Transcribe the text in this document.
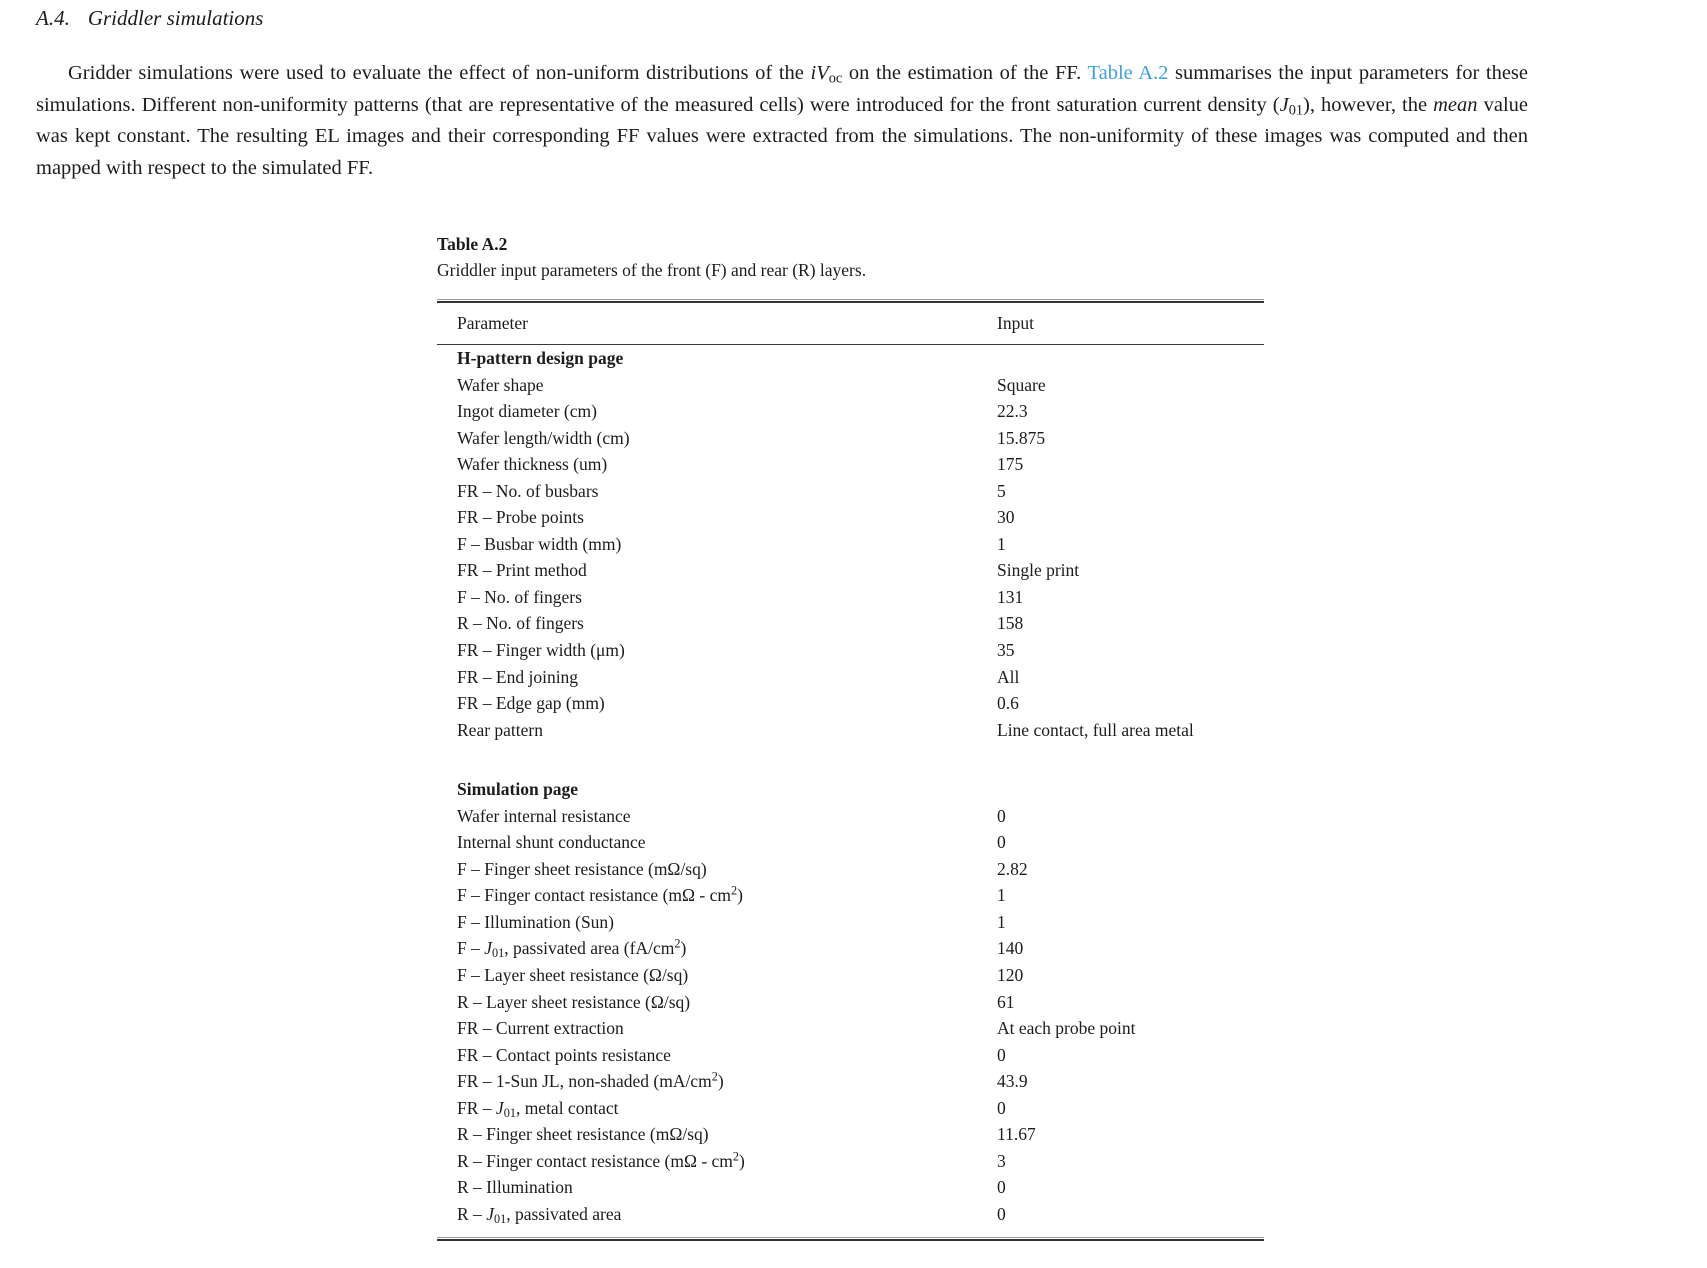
A.4. Griddler simulations
Gridder simulations were used to evaluate the effect of non-uniform distributions of the $iV_{oc}$ on the estimation of the FF. Table A.2 summarises the input parameters for these simulations. Different non-uniformity patterns (that are representative of the measured cells) were introduced for the front saturation current density $(J_{01})$, however, the mean value was kept constant. The resulting EL images and their corresponding FF values were extracted from the simulations. The non-uniformity of these images was computed and then mapped with respect to the simulated FF.
Table A.2
Griddler input parameters of the front (F) and rear (R) layers.
Parameter	Input
H-pattern design page
Wafer shape	Square
Ingot diameter (cm)	22.3
Wafer length/width (cm)	15.875
Wafer thickness (um)	175
FR – No. of busbars	5
FR – Probe points	30
F – Busbar width (mm)	1
FR – Print method	Single print
F – No. of fingers	131
R – No. of fingers	158
FR – Finger width (μm)	35
FR – End joining	All
FR – Edge gap (mm)	0.6
Rear pattern	Line contact, full area metal
Simulation page
Wafer internal resistance	0
Internal shunt conductance	0
F – Finger sheet resistance (mΩ/sq)	2.82
F – Finger contact resistance $(m\Omega - cm^2)$	1
F – Illumination (Sun)	1
F – $J_{01}$, passivated area $(fA/cm^2)$	140
F – Layer sheet resistance (Ω/sq)	120
R – Layer sheet resistance (Ω/sq)	61
FR – Current extraction	At each probe point
FR – Contact points resistance	0
FR – 1-Sun JL, non-shaded $(mA/cm^2)$	43.9
FR – $J_{01}$, metal contact	0
R – Finger sheet resistance (mΩ/sq)	11.67
R – Finger contact resistance $(m\Omega - cm^2)$	3
R – Illumination	0
R – $J_{01}$, passivated area	0
